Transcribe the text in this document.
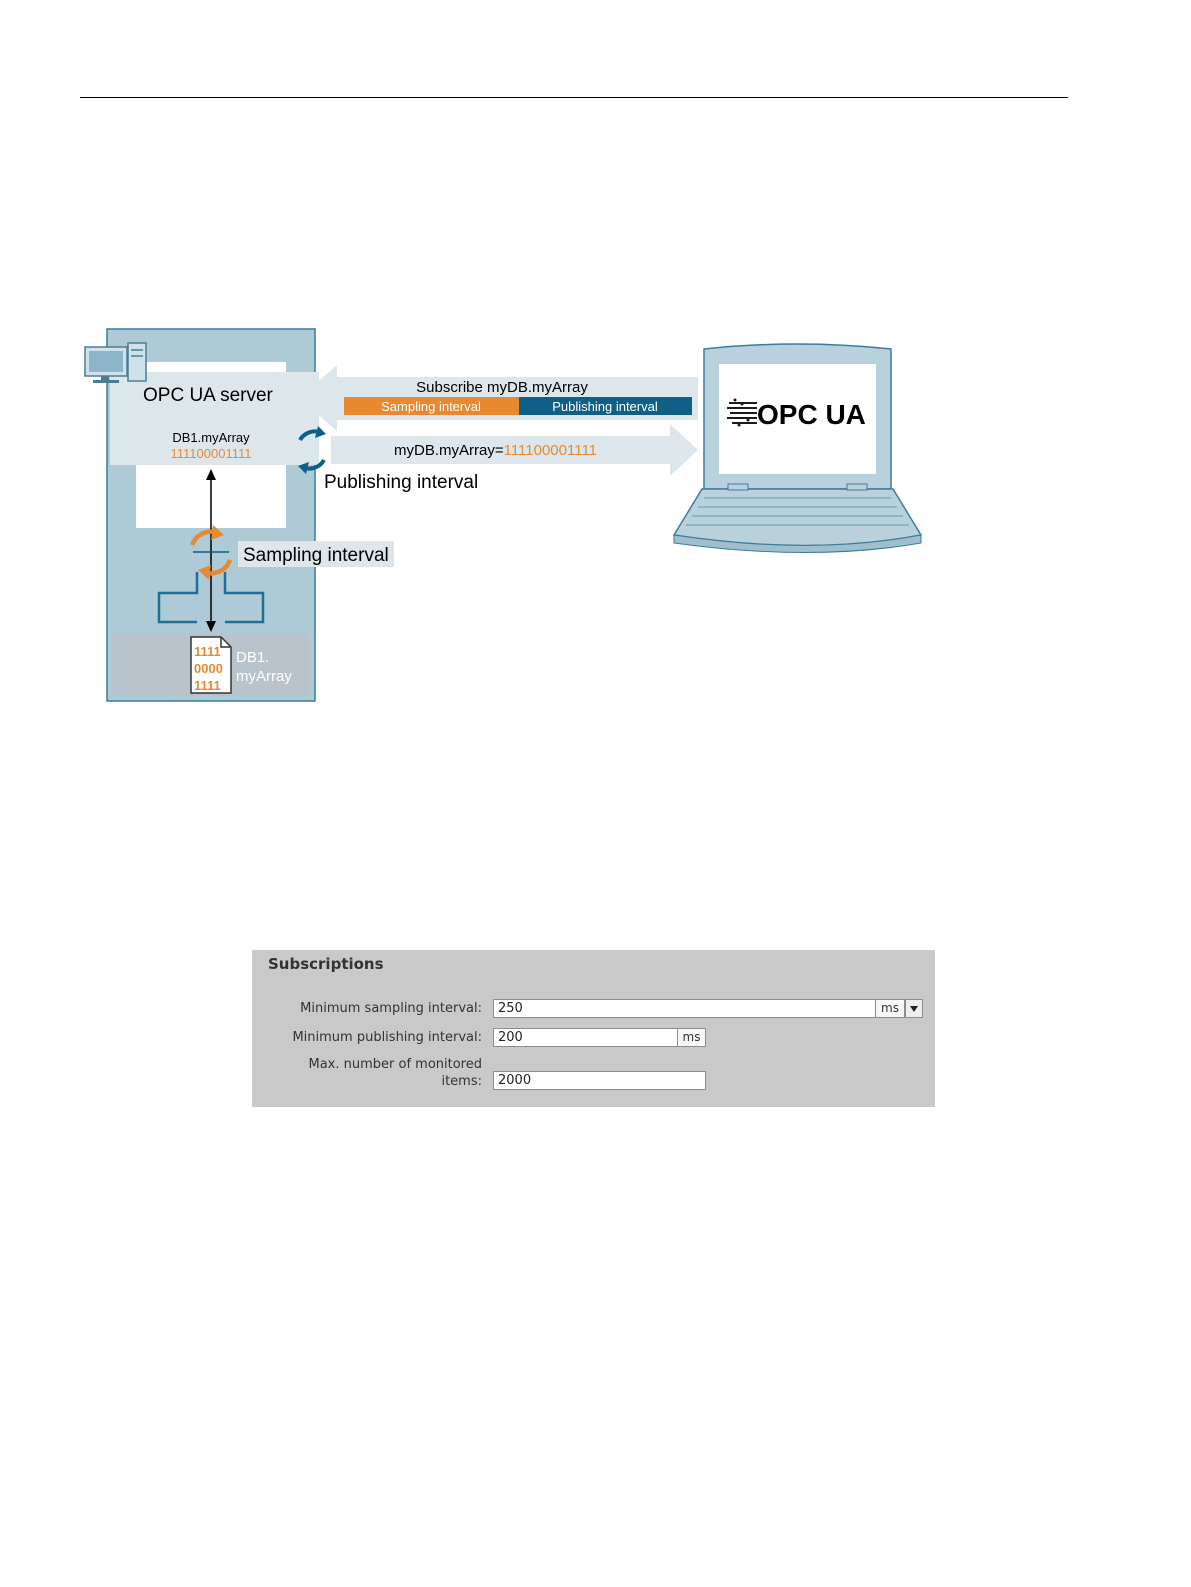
OPC UA server
DB1.myArray
111100001111
Subscribe myDB.myArray
Sampling interval	Publishing interval
myDB.myArray=111100001111
Publishing interval
Sampling interval
1111
0000
1111
DB1.
myArray
OPC UA
Subscriptions
Minimum sampling interval:	250	ms
Minimum publishing interval:	200	ms
Max. number of monitored
items:	2000
